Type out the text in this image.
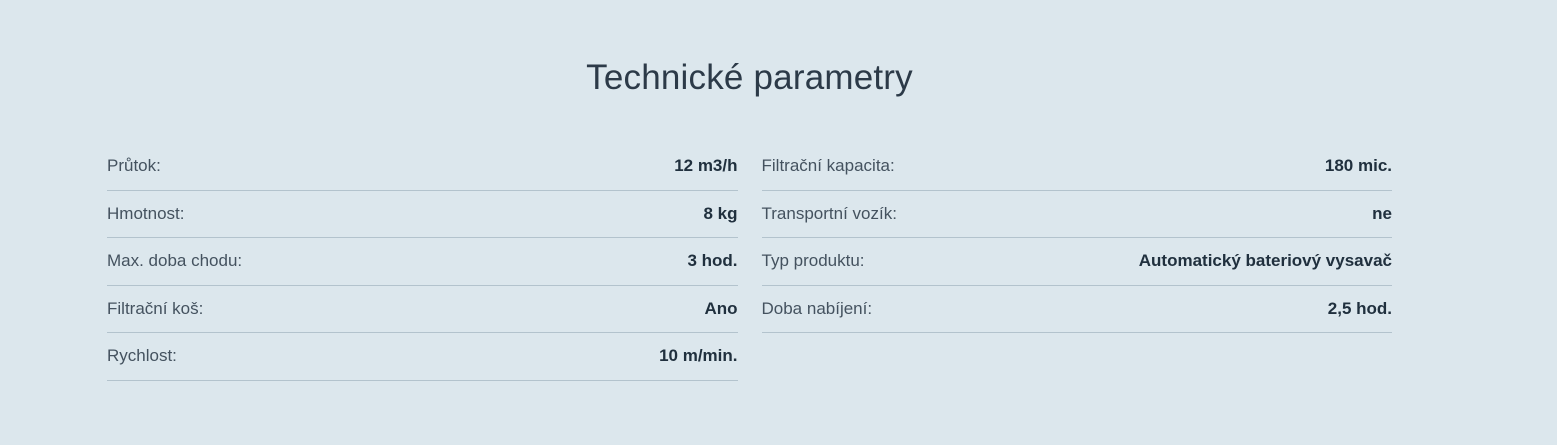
Technické parametry
Průtok:	12 m3/h
Hmotnost:	8 kg
Max. doba chodu:	3 hod.
Filtrační koš:	Ano
Rychlost:	10 m/min.
Filtrační kapacita:	180 mic.
Transportní vozík:	ne
Typ produktu:	Automatický bateriový vysavač
Doba nabíjení:	2,5 hod.
